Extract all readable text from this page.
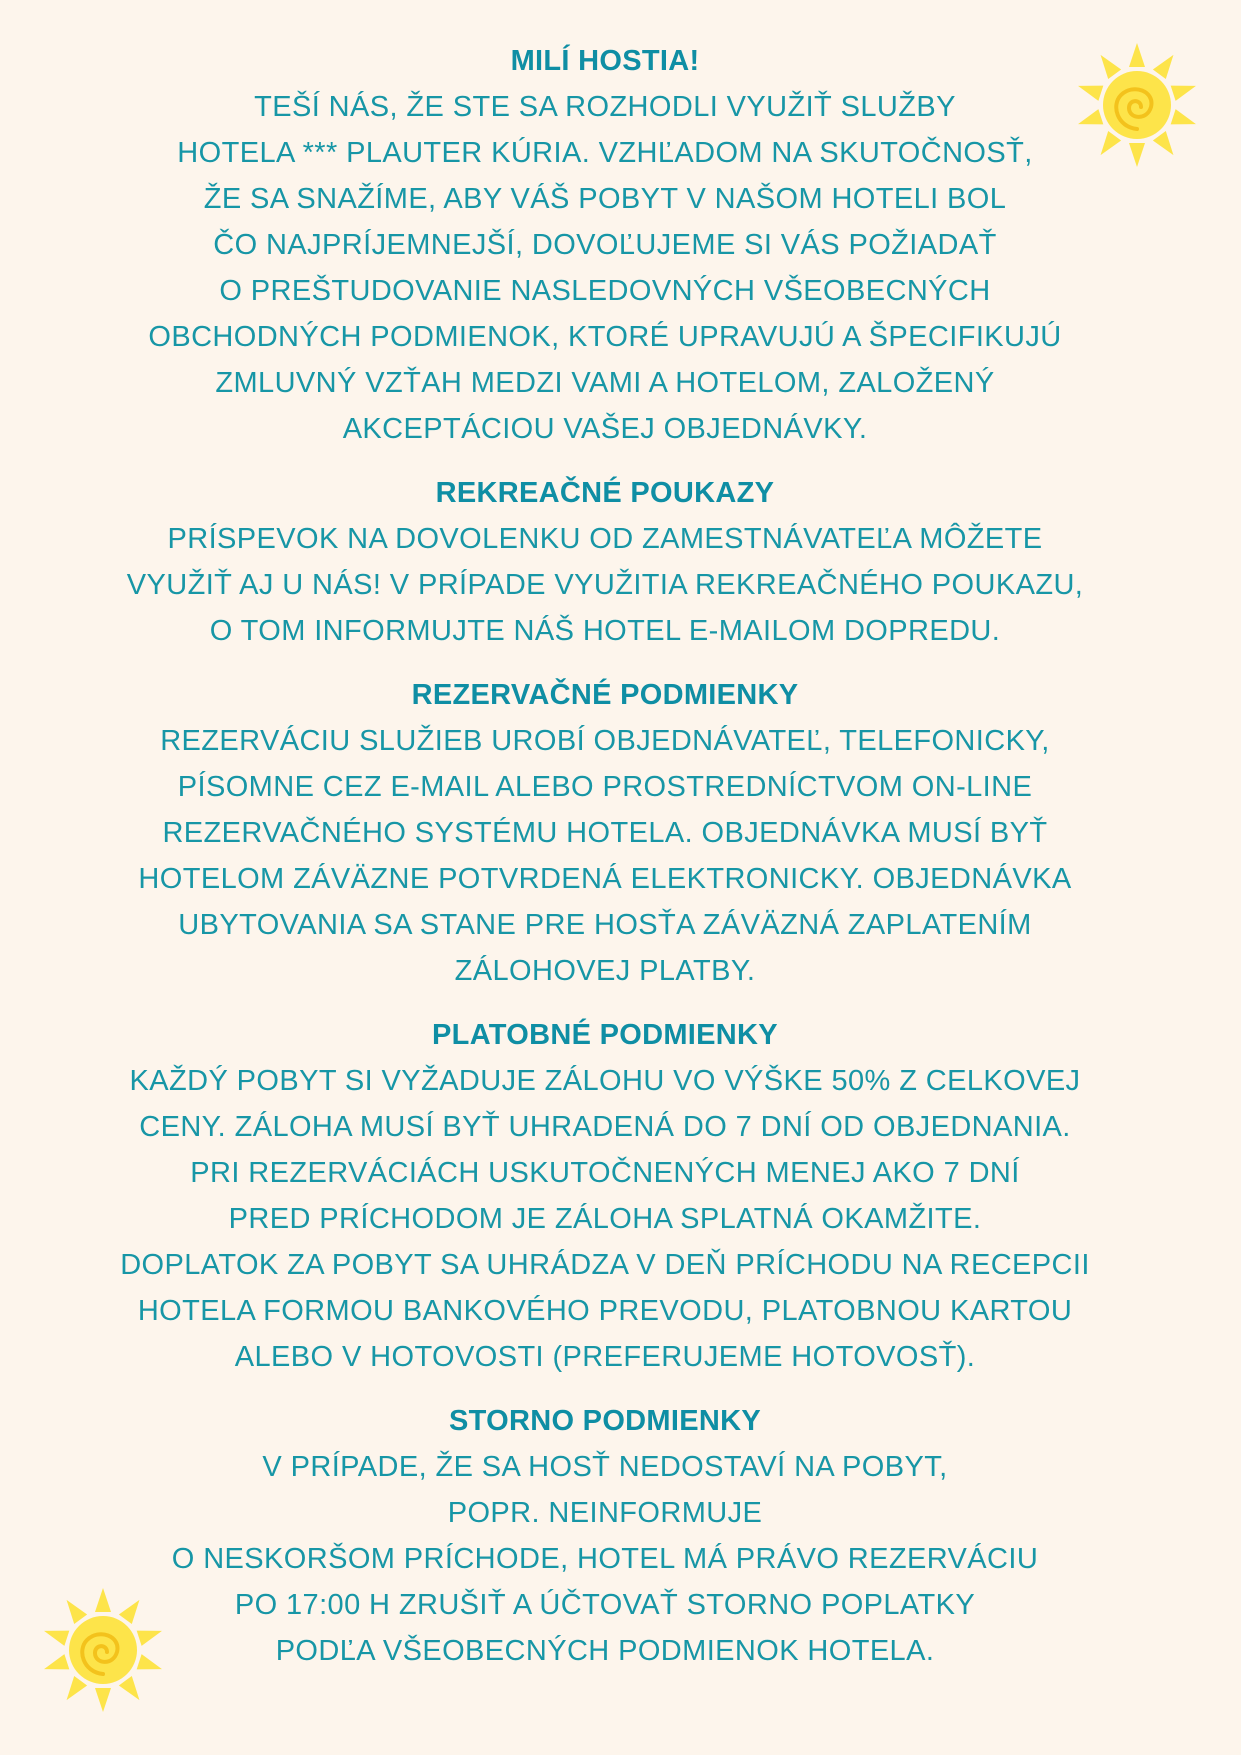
MILÍ HOSTIA!
TEŠÍ NÁS, ŽE STE SA ROZHODLI VYUŽIŤ SLUŽBY
HOTELA *** PLAUTER KÚRIA. VZHĽADOM NA SKUTOČNOSŤ,
ŽE SA SNAŽÍME, ABY VÁŠ POBYT V NAŠOM HOTELI BOL
ČO NAJPRÍJEMNEJŠÍ, DOVOĽUJEME SI VÁS POŽIADAŤ
O PREŠTUDOVANIE NASLEDOVNÝCH VŠEOBECNÝCH
OBCHODNÝCH PODMIENOK, KTORÉ UPRAVUJÚ A ŠPECIFIKUJÚ
ZMLUVNÝ VZŤAH MEDZI VAMI A HOTELOM, ZALOŽENÝ
AKCEPTÁCIOU VAŠEJ OBJEDNÁVKY.
REKREAČNÉ POUKAZY
PRÍSPEVOK NA DOVOLENKU OD ZAMESTNÁVATEĽA MÔŽETE
VYUŽIŤ AJ U NÁS! V PRÍPADE VYUŽITIA REKREAČNÉHO POUKAZU,
O TOM INFORMUJTE NÁŠ HOTEL E-MAILOM DOPREDU.
REZERVAČNÉ PODMIENKY
REZERVÁCIU SLUŽIEB UROBÍ OBJEDNÁVATEĽ, TELEFONICKY,
PÍSOMNE CEZ E-MAIL ALEBO PROSTREDNÍCTVOM ON-LINE
REZERVAČNÉHO SYSTÉMU HOTELA. OBJEDNÁVKA MUSÍ BYŤ
HOTELOM ZÁVÄZNE POTVRDENÁ ELEKTRONICKY. OBJEDNÁVKA
UBYTOVANIA SA STANE PRE HOSŤA ZÁVÄZNÁ ZAPLATENÍM
ZÁLOHOVEJ PLATBY.
PLATOBNÉ PODMIENKY
KAŽDÝ POBYT SI VYŽADUJE ZÁLOHU VO VÝŠKE 50% Z CELKOVEJ
CENY. ZÁLOHA MUSÍ BYŤ UHRADENÁ DO 7 DNÍ OD OBJEDNANIA.
PRI REZERVÁCIÁCH USKUTOČNENÝCH MENEJ AKO 7 DNÍ
PRED PRÍCHODOM JE ZÁLOHA SPLATNÁ OKAMŽITE.
DOPLATOK ZA POBYT SA UHRÁDZA V DEŇ PRÍCHODU NA RECEPCII
HOTELA FORMOU BANKOVÉHO PREVODU, PLATOBNOU KARTOU
ALEBO V HOTOVOSTI (PREFERUJEME HOTOVOSŤ).
STORNO PODMIENKY
V PRÍPADE, ŽE SA HOSŤ NEDOSTAVÍ NA POBYT,
POPR. NEINFORMUJE
O NESKORŠOM PRÍCHODE, HOTEL MÁ PRÁVO REZERVÁCIU
PO 17:00 H ZRUŠIŤ A ÚČTOVAŤ STORNO POPLATKY
PODĽA VŠEOBECNÝCH PODMIENOK HOTELA.
